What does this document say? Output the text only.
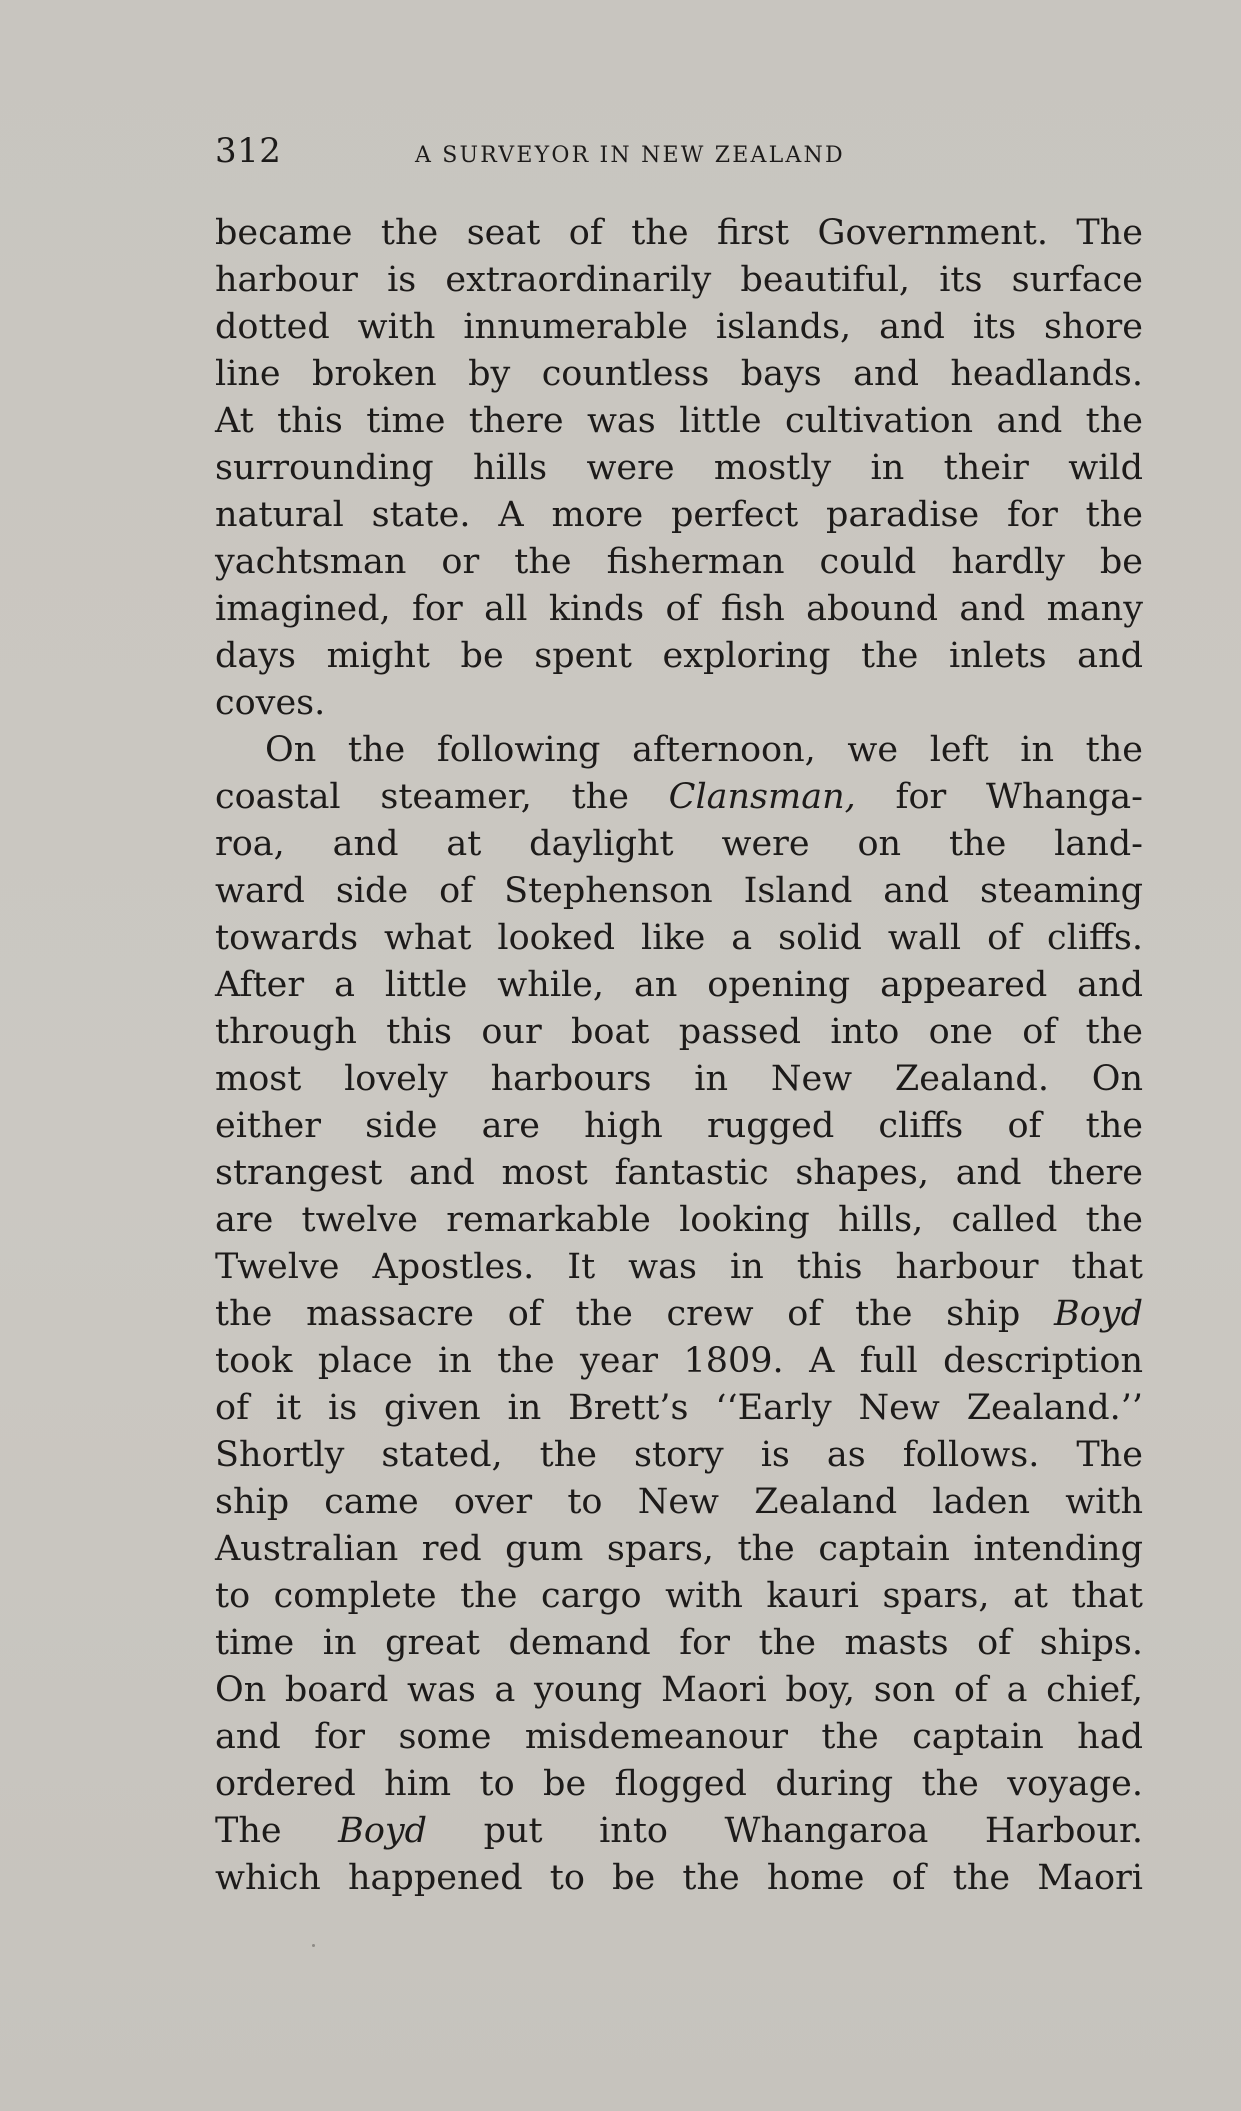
312	A SURVEYOR IN NEW ZEALAND
became the seat of the first Government. The
harbour is extraordinarily beautiful, its surface
dotted with innumerable islands, and its shore
line broken by countless bays and headlands.
At this time there was little cultivation and the
surrounding hills were mostly in their wild
natural state. A more perfect paradise for the
yachtsman or the fisherman could hardly be
imagined, for all kinds of fish abound and many
days might be spent exploring the inlets and
coves.
On the following afternoon, we left in the
coastal steamer, the Clansman, for Whanga-
roa, and at daylight were on the land-
ward side of Stephenson Island and steaming
towards what looked like a solid wall of cliffs.
After a little while, an opening appeared and
through this our boat passed into one of the
most lovely harbours in New Zealand. On
either side are high rugged cliffs of the
strangest and most fantastic shapes, and there
are twelve remarkable looking hills, called the
Twelve Apostles. It was in this harbour that
the massacre of the crew of the ship Boyd
took place in the year 1809. A full description
of it is given in Brett’s ‘‘Early New Zealand.’’
Shortly stated, the story is as follows. The
ship came over to New Zealand laden with
Australian red gum spars, the captain intending
to complete the cargo with kauri spars, at that
time in great demand for the masts of ships.
On board was a young Maori boy, son of a chief,
and for some misdemeanour the captain had
ordered him to be flogged during the voyage.
The Boyd put into Whangaroa Harbour.
which happened to be the home of the Maori
